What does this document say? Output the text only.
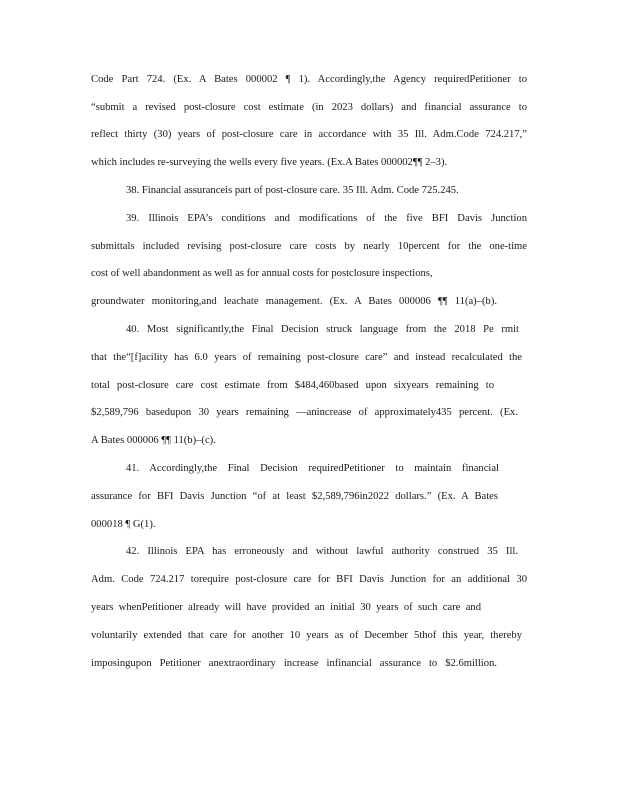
Code Part 724. (Ex. A Bates 000002 ¶ 1). Accordingly,the Agency requiredPetitioner to
“submit a revised post-closure cost estimate (in 2023 dollars) and financial assurance to
reflect thirty (30) years of post-closure care in accordance with 35 Ill. Adm.Code 724.217,”
which includes re-surveying the wells every five years. (Ex.A Bates 000002¶¶ 2–3).
38. Financial assuranceis part of post-closure care. 35 Ill. Adm. Code 725.245.
39. Illinois EPA’s conditions and modifications of the five BFI Davis Junction
submittals included revising post-closure care costs by nearly 10percent for the one-time
cost of well abandonment as well as for annual costs for postclosure inspections,
groundwater monitoring,and leachate management. (Ex. A Bates 000006 ¶¶ 11(a)–(b).
40. Most significantly,the Final Decision struck language from the 2018 Pe rmit
that the“[f]acility has 6.0 years of remaining post-closure care” and instead recalculated the
total post-closure care cost estimate from $484,460based upon sixyears remaining to
$2,589,796 basedupon 30 years remaining —anincrease of approximately435 percent. (Ex.
A Bates 000006 ¶¶ 11(b)–(c).
41. Accordingly,the Final Decision requiredPetitioner to maintain financial
assurance for BFI Davis Junction “of at least $2,589,796in2022 dollars.” (Ex. A Bates
000018 ¶ G(1).
42. Illinois EPA has erroneously and without lawful authority construed 35 Ill.
Adm. Code 724.217 torequire post-closure care for BFI Davis Junction for an additional 30
years whenPetitioner already will have provided an initial 30 years of such care and
voluntarily extended that care for another 10 years as of December 5thof this year, thereby
imposingupon Petitioner anextraordinary increase infinancial assurance to $2.6million.
